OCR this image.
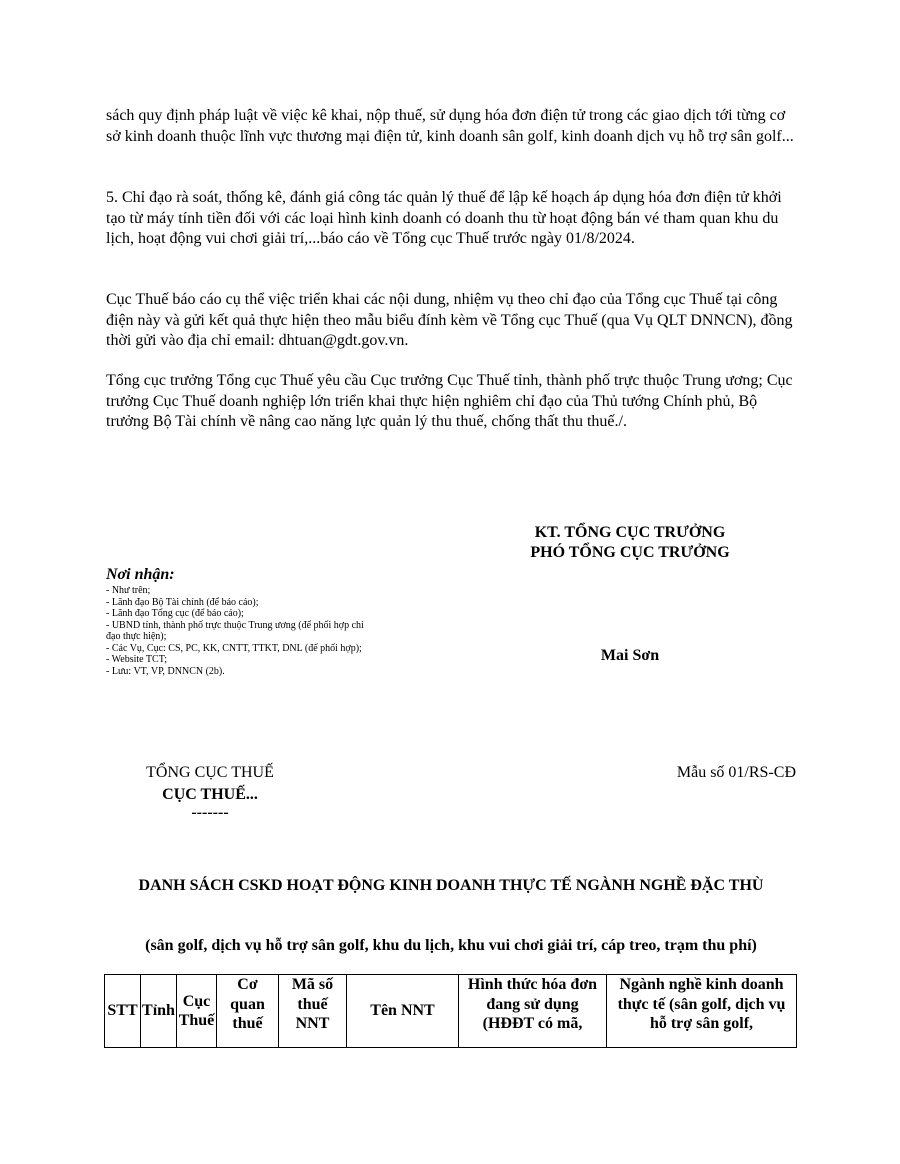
sách quy định pháp luật về việc kê khai, nộp thuế, sử dụng hóa đơn điện tử trong các giao dịch tới từng cơ sở kinh doanh thuộc lĩnh vực thương mại điện tử, kinh doanh sân golf, kinh doanh dịch vụ hỗ trợ sân golf...

5. Chỉ đạo rà soát, thống kê, đánh giá công tác quản lý thuế để lập kế hoạch áp dụng hóa đơn điện tử khởi tạo từ máy tính tiền đối với các loại hình kinh doanh có doanh thu từ hoạt động bán vé tham quan khu du lịch, hoạt động vui chơi giải trí,...báo cáo về Tổng cục Thuế trước ngày 01/8/2024.

Cục Thuế báo cáo cụ thể việc triển khai các nội dung, nhiệm vụ theo chỉ đạo của Tổng cục Thuế tại công điện này và gửi kết quả thực hiện theo mẫu biểu đính kèm về Tổng cục Thuế (qua Vụ QLT DNNCN), đồng thời gửi vào địa chỉ email: dhtuan@gdt.gov.vn.

Tổng cục trưởng Tổng cục Thuế yêu cầu Cục trưởng Cục Thuế tỉnh, thành phố trực thuộc Trung ương; Cục trưởng Cục Thuế doanh nghiệp lớn triển khai thực hiện nghiêm chỉ đạo của Thủ tướng Chính phủ, Bộ trưởng Bộ Tài chính về nâng cao năng lực quản lý thu thuế, chống thất thu thuế./.

KT. TỔNG CỤC TRƯỞNG
PHÓ TỔNG CỤC TRƯỞNG
Mai Sơn
Nơi nhận:
- Như trên;
- Lãnh đạo Bộ Tài chính (để báo cáo);
- Lãnh đạo Tổng cục (để báo cáo);
- UBND tỉnh, thành phố trực thuộc Trung ương (để phối hợp chỉ đạo thực hiện);
- Các Vụ, Cục: CS, PC, KK, CNTT, TTKT, DNL (để phối hợp);
- Website TCT;
- Lưu: VT, VP, DNNCN (2b).
TỔNG CỤC THUẾ
CỤC THUẾ...
-------
Mẫu số 01/RS-CĐ
DANH SÁCH CSKD HOẠT ĐỘNG KINH DOANH THỰC TẾ NGÀNH NGHỀ ĐẶC THÙ
(sân golf, dịch vụ hỗ trợ sân golf, khu du lịch, khu vui chơi giải trí, cáp treo, trạm thu phí)
STT	Tỉnh	Cục Thuế	Cơ quan thuế	Mã số thuế NNT	Tên NNT	Hình thức hóa đơn đang sử dụng (HĐĐT có mã,	Ngành nghề kinh doanh thực tế (sân golf, dịch vụ hỗ trợ sân golf,
